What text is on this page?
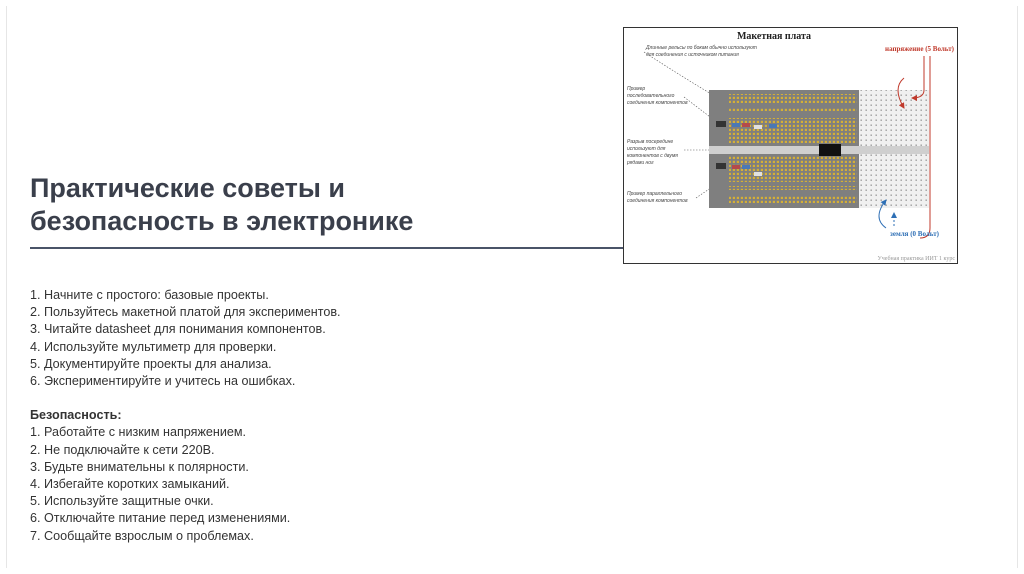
Практические советы и
безопасность в электронике
1. Начните с простого: базовые проекты.
2. Пользуйтесь макетной платой для экспериментов.
3. Читайте datasheet для понимания компонентов.
4. Используйте мультиметр для проверки.
5. Документируйте проекты для анализа.
6. Экспериментируйте и учитесь на ошибках.
Безопасность:
1. Работайте с низким напряжением.
2. Не подключайте к сети 220В.
3. Будьте внимательны к полярности.
4. Избегайте коротких замыканий.
5. Используйте защитные очки.
6. Отключайте питание перед изменениями.
7. Сообщайте взрослым о проблемах.
Макетная плата
Длинные рельсы по бокам обычно используют
для соединения с источником питания
Пример
последовательного
соединения компонентов
Разрыв посередине
используют для
компонентов с двумя
рядами ног
Пример параллельного
соединения компонентов
напряжение (5 Вольт)
земля (0 Вольт)
Учебная практика ИИТ 1 курс
